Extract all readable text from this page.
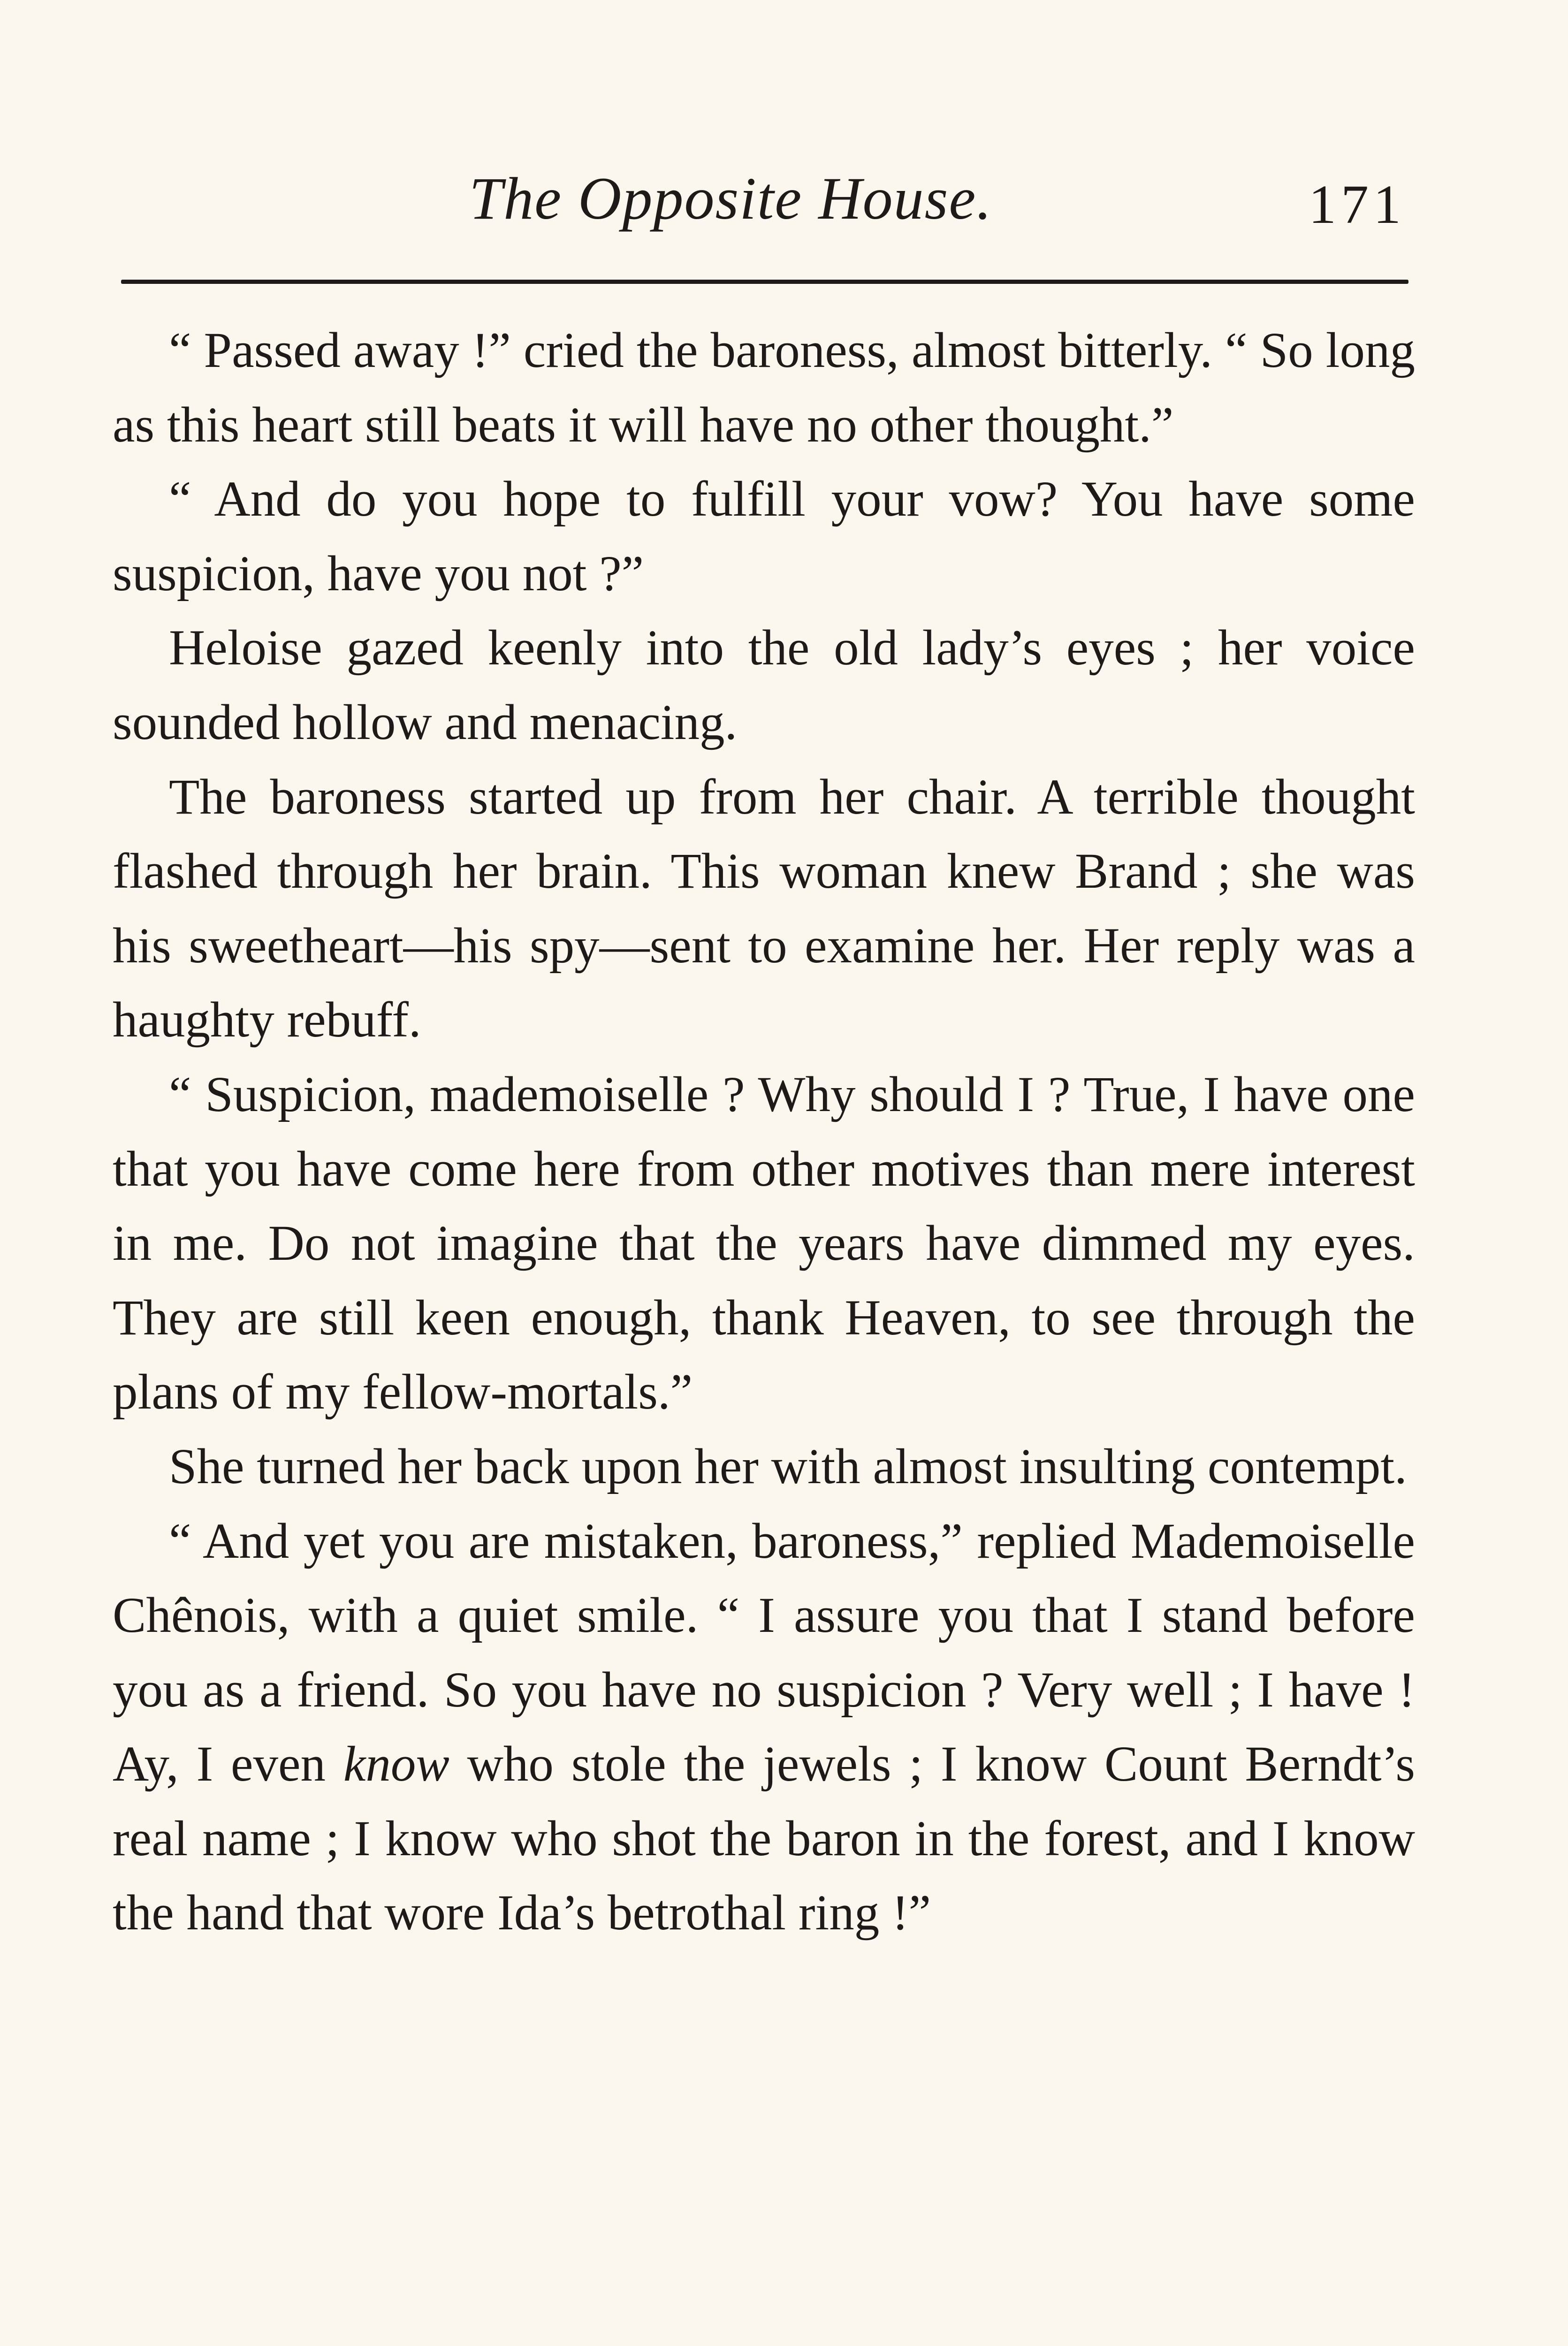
The Opposite House.	171

“ Passed away !” cried the baroness, almost bitterly. “ So long as this heart still beats it will have no other thought.”

“ And do you hope to fulfill your vow? You have some suspicion, have you not ?”

Heloise gazed keenly into the old lady’s eyes ; her voice sounded hollow and menacing.

The baroness started up from her chair. A terrible thought flashed through her brain. This woman knew Brand ; she was his sweetheart—his spy—sent to examine her. Her reply was a haughty rebuff.

“ Suspicion, mademoiselle ? Why should I ? True, I have one that you have come here from other motives than mere interest in me. Do not imagine that the years have dimmed my eyes. They are still keen enough, thank Heaven, to see through the plans of my fellow-mortals.”

She turned her back upon her with almost insulting contempt.

“ And yet you are mistaken, baroness,” replied Mademoiselle Chênois, with a quiet smile. “ I assure you that I stand before you as a friend. So you have no suspicion ? Very well ; I have ! Ay, I even know who stole the jewels ; I know Count Berndt’s real name ; I know who shot the baron in the forest, and I know the hand that wore Ida’s betrothal ring !”
